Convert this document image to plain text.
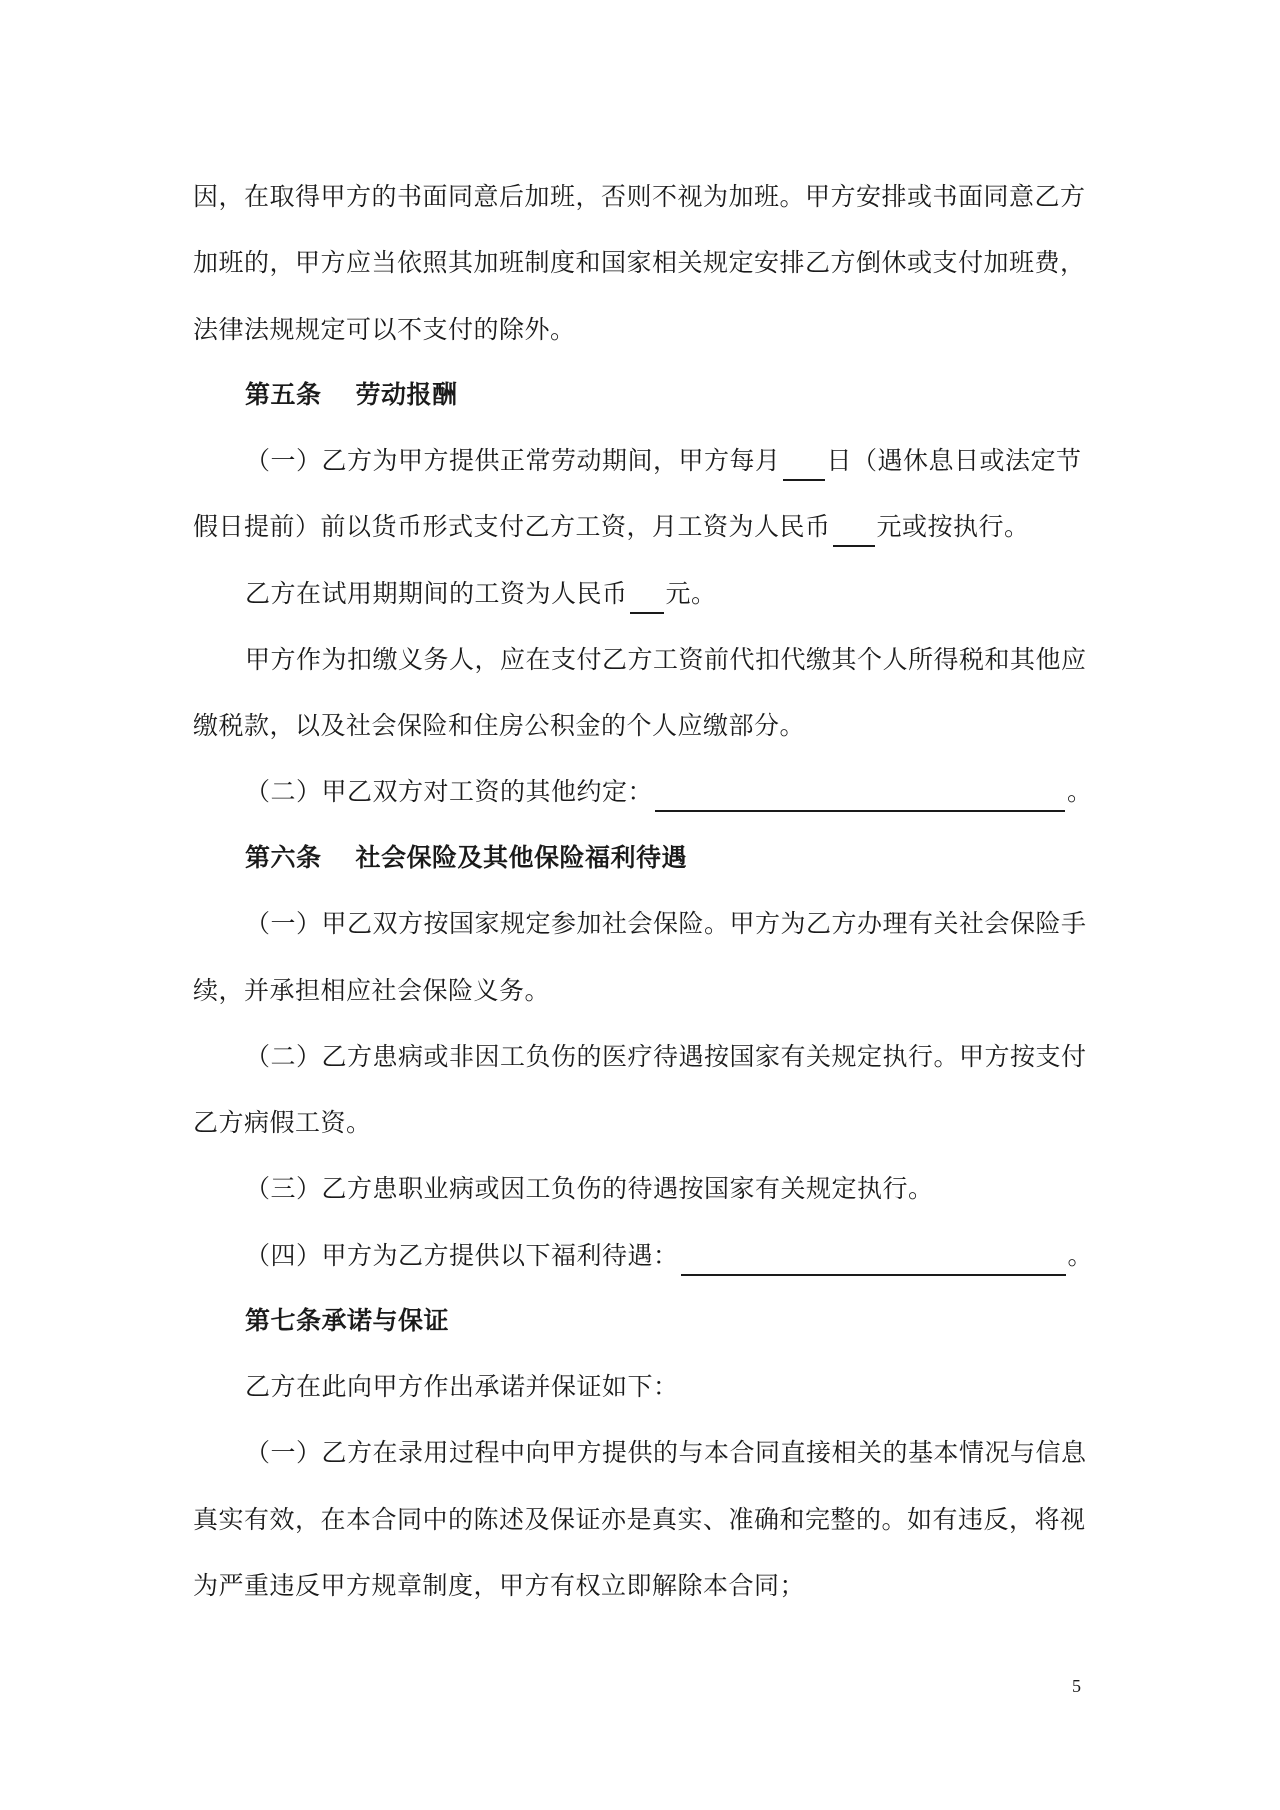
因，在取得甲方的书面同意后加班，否则不视为加班。甲方安排或书面同意乙方
加班的，甲方应当依照其加班制度和国家相关规定安排乙方倒休或支付加班费，
法律法规规定可以不支付的除外。
第五条 劳动报酬
（一）乙方为甲方提供正常劳动期间，甲方每月 日（遇休息日或法定节
假日提前）前以货币形式支付乙方工资，月工资为人民币 元或按执行。
乙方在试用期期间的工资为人民币 元。
甲方作为扣缴义务人，应在支付乙方工资前代扣代缴其个人所得税和其他应
缴税款，以及社会保险和住房公积金的个人应缴部分。
（二）甲乙双方对工资的其他约定：	。
第六条 社会保险及其他保险福利待遇
（一）甲乙双方按国家规定参加社会保险。甲方为乙方办理有关社会保险手
续，并承担相应社会保险义务。
（二）乙方患病或非因工负伤的医疗待遇按国家有关规定执行。甲方按支付
乙方病假工资。
（三）乙方患职业病或因工负伤的待遇按国家有关规定执行。
（四）甲方为乙方提供以下福利待遇：	。
第七条承诺与保证
乙方在此向甲方作出承诺并保证如下：
（一）乙方在录用过程中向甲方提供的与本合同直接相关的基本情况与信息
真实有效，在本合同中的陈述及保证亦是真实、准确和完整的。如有违反，将视
为严重违反甲方规章制度，甲方有权立即解除本合同；
5
